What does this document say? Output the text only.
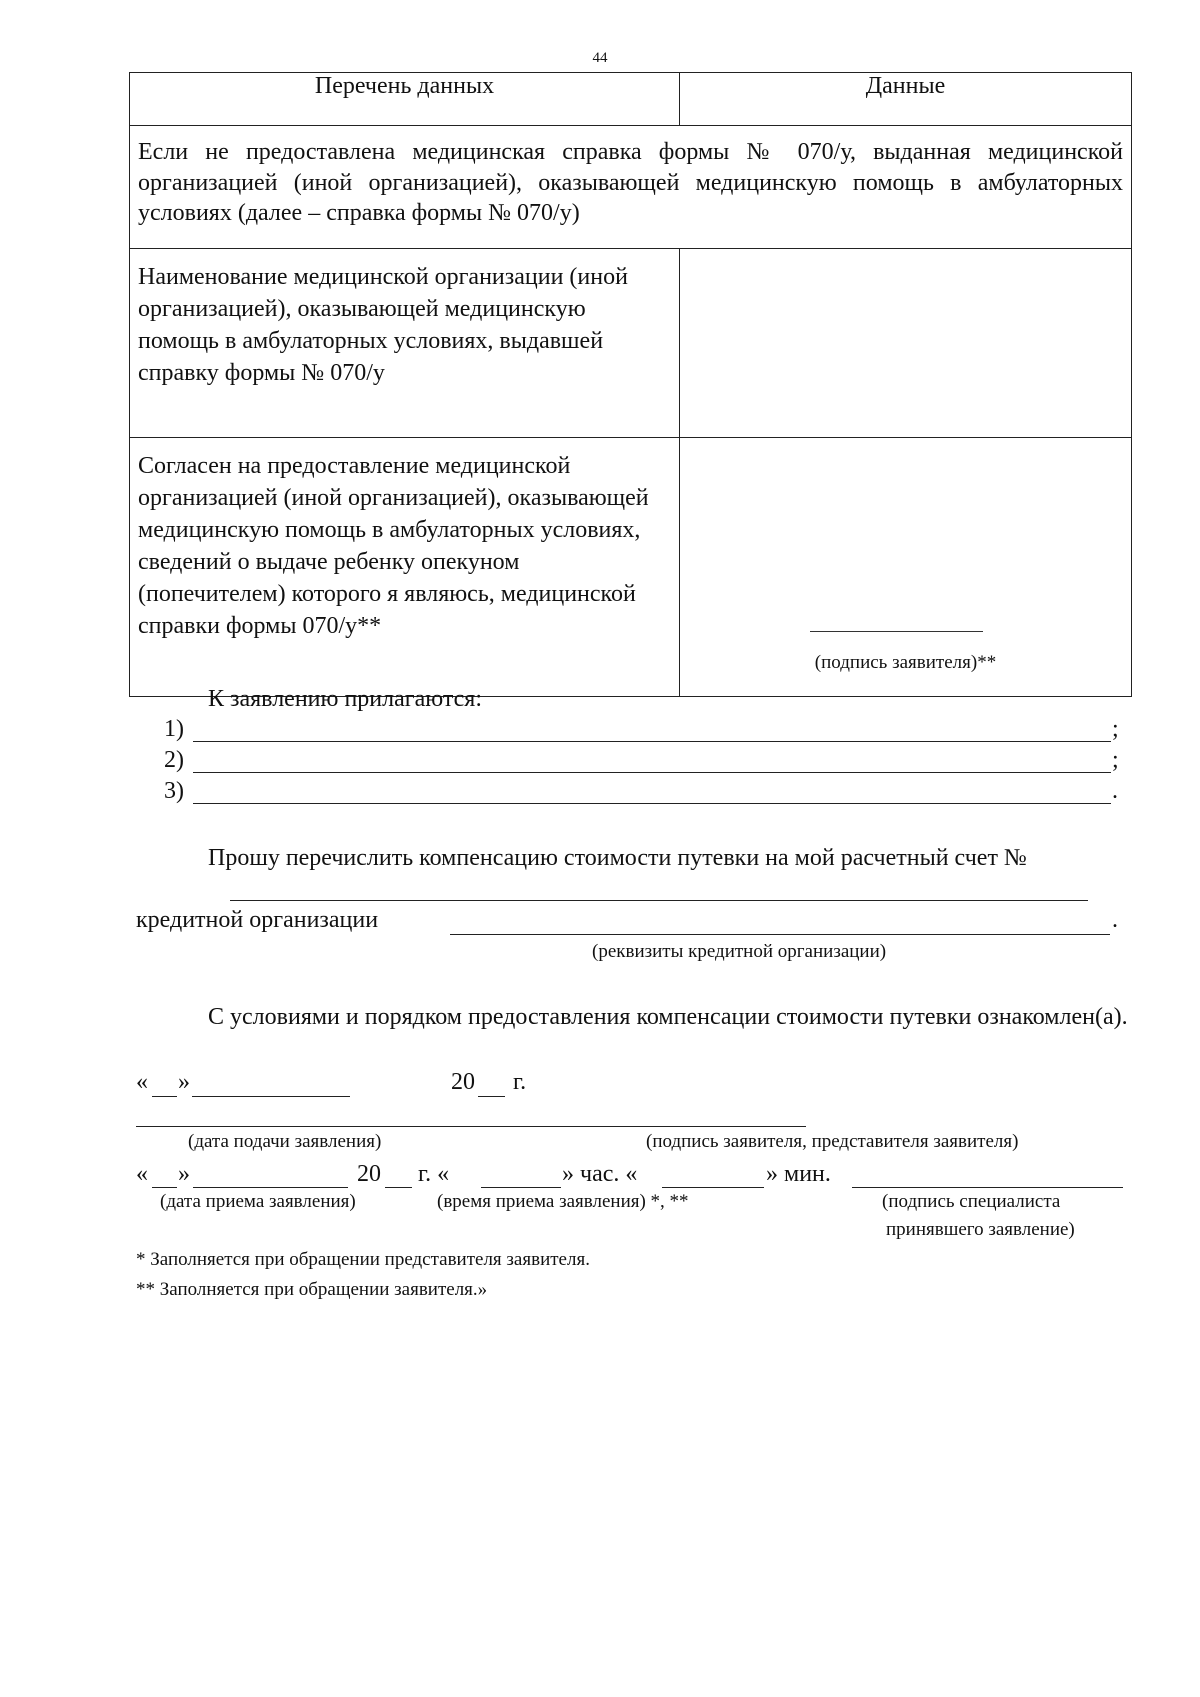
44
Перечень данных	Данные
Если не предоставлена медицинская справка формы № 070/у, выданная медицинской организацией (иной организацией), оказывающей медицинскую помощь в амбулаторных условиях (далее – справка формы № 070/у)	
Наименование медицинской организации (иной организацией), оказывающей медицинскую помощь в амбулаторных условиях, выдавшей справку формы № 070/у	
Согласен на предоставление медицинской организацией (иной организацией), оказывающей медицинскую помощь в амбулаторных условиях, сведений о выдаче ребенку опекуном (попечителем) которого я являюсь, медицинской справки формы 070/у**	(подпись заявителя)**
К заявлению прилагаются:
1)	;
2)	;
3)	.
Прошу перечислить компенсацию стоимости путевки на мой расчетный счет №
кредитной организации	.
(реквизиты кредитной организации)
С условиями и порядком предоставления компенсации стоимости путевки ознакомлен(а).
« »	20 г.
(дата подачи заявления)	(подпись заявителя, представителя заявителя)
« »	20 г. «	» час. «	» мин.
(дата приема заявления)	(время приема заявления) *, **	(подпись специалиста
принявшего заявление)
* Заполняется при обращении представителя заявителя.
** Заполняется при обращении заявителя.»
